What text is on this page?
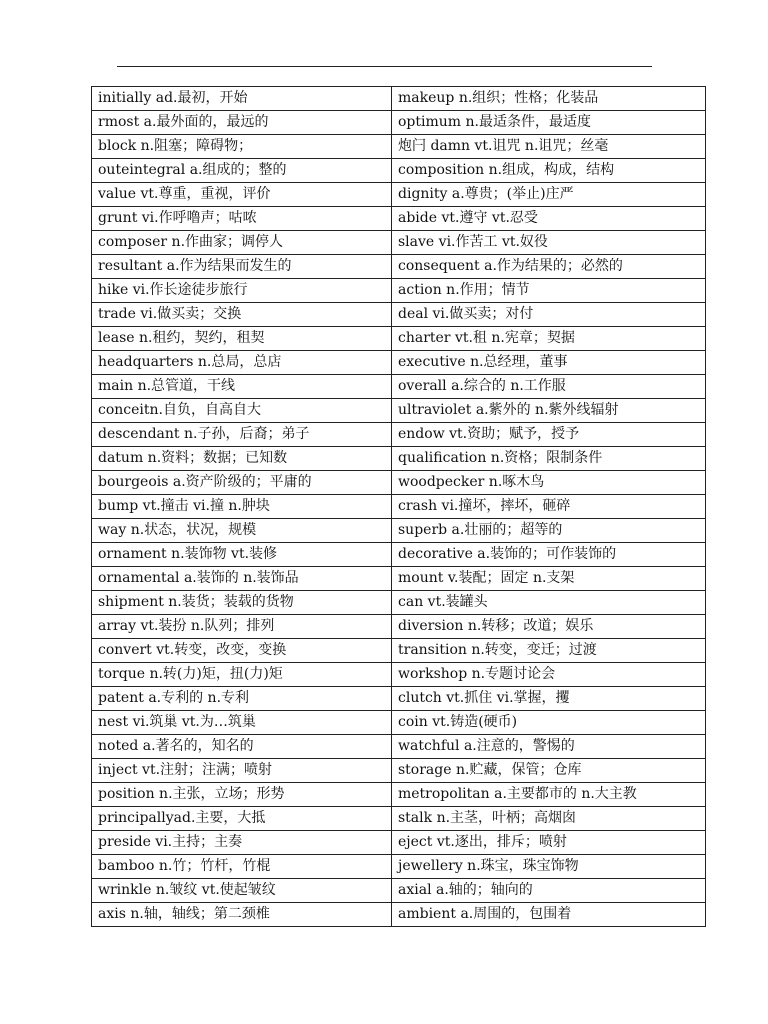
initially ad.最初，开始	makeup n.组织；性格；化装品
rmost a.最外面的，最远的	optimum n.最适条件，最适度
block n.阻塞；障碍物；	炮闩 damn vt.诅咒 n.诅咒；丝毫
outeintegral a.组成的；整的	composition n.组成，构成，结构
value vt.尊重，重视，评价	dignity a.尊贵；(举止)庄严
grunt vi.作呼噜声；咕哝	abide vt.遵守 vt.忍受
composer n.作曲家；调停人	slave vi.作苦工 vt.奴役
resultant a.作为结果而发生的	consequent a.作为结果的；必然的
hike vi.作长途徒步旅行	action n.作用；情节
trade vi.做买卖；交换	deal vi.做买卖；对付
lease n.租约，契约，租契	charter vt.租 n.宪章；契据
headquarters n.总局，总店	executive n.总经理，董事
main n.总管道，干线	overall a.综合的 n.工作服
conceitn.自负，自高自大	ultraviolet a.紫外的 n.紫外线辐射
descendant n.子孙，后裔；弟子	endow vt.资助；赋予，授予
datum n.资料；数据；已知数	qualification n.资格；限制条件
bourgeois a.资产阶级的；平庸的	woodpecker n.啄木鸟
bump vt.撞击 vi.撞 n.肿块	crash vi.撞坏，摔坏，砸碎
way n.状态，状况，规模	superb a.壮丽的；超等的
ornament n.装饰物 vt.装修	decorative a.装饰的；可作装饰的
ornamental a.装饰的 n.装饰品	mount v.装配；固定 n.支架
shipment n.装货；装载的货物	can vt.装罐头
array vt.装扮 n.队列；排列	diversion n.转移；改道；娱乐
convert vt.转变，改变，变换	transition n.转变，变迁；过渡
torque n.转(力)矩，扭(力)矩	workshop n.专题讨论会
patent a.专利的 n.专利	clutch vt.抓住 vi.掌握，攫
nest vi.筑巢 vt.为…筑巢	coin vt.铸造(硬币)
noted a.著名的，知名的	watchful a.注意的，警惕的
inject vt.注射；注满；喷射	storage n.贮藏，保管；仓库
position n.主张，立场；形势	metropolitan a.主要都市的 n.大主教
principallyad.主要，大抵	stalk n.主茎，叶柄；高烟囱
preside vi.主持；主奏	eject vt.逐出，排斥；喷射
bamboo n.竹；竹杆，竹棍	jewellery n.珠宝，珠宝饰物
wrinkle n.皱纹 vt.使起皱纹	axial a.轴的；轴向的
axis n.轴，轴线；第二颈椎	ambient a.周围的，包围着
